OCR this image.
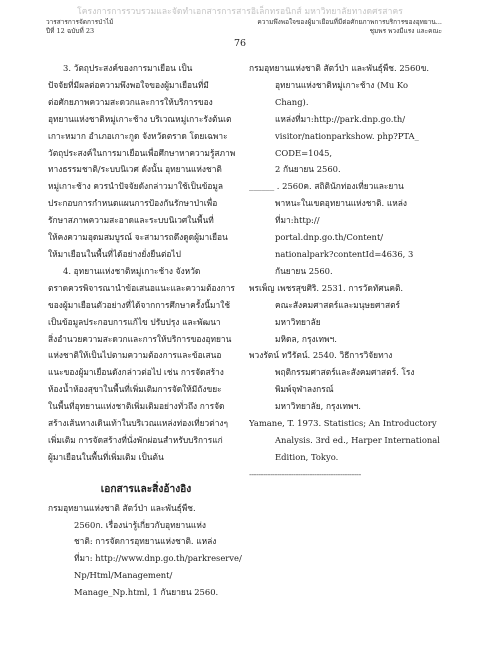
โครงการการรวบรวมและจัดทำเอกสารการสารอิเล็กทรอนิกส์ มหาวิทยาลัยทางดศรสาคร
วารสารการจัดการป่าไม้
ปีที่ 12 ฉบับที่ 23
ความพึงพอใจของผู้มาเยือนที่มีต่อศักยภาพการบริการของอุทยาน...
ชุมพร พวงมีแรง และคณะ
76
3. วัตถุประสงค์ของการมาเยือน เป็น
ปัจจัยที่มีผลต่อความพึงพอใจของผู้มาเยือนที่มี
ต่อศักยภาพความสะดวกและการให้บริการของ
อุทยานแห่งชาติหมู่เกาะช้าง บริเวณหมู่เกาะรังต้นเต
เกาะหมาก อำเภอเกาะกูด จังหวัดตราด โดยเฉพาะ
วัตถุประสงค์ในการมาเยือนเพื่อศึกษาหาความรู้สภาพ
ทางธรรมชาติ/ระบบนิเวศ ดังนั้น อุทยานแห่งชาติ
หมู่เกาะช้าง ควรนำปัจจัยดังกล่าวมาใช้เป็นข้อมูล
ประกอบการกำหนดแผนการป้องกันรักษาป่าเพื่อ
รักษาสภาพความสะอาดและระบบนิเวศในพื้นที่
ให้คงความอุดมสมบูรณ์ จะสามารถดึงดูดผู้มาเยือน
ให้มาเยือนในพื้นที่ได้อย่างยั่งยืนต่อไป
4. อุทยานแห่งชาติหมู่เกาะช้าง จังหวัด
ตราดควรพิจารณานำข้อเสนอแนะและความต้องการ
ของผู้มาเยือนตัวอย่างที่ได้จากการศึกษาครั้งนี้มาใช้
เป็นข้อมูลประกอบการแก้ไข ปรับปรุง และพัฒนา
สิ่งอำนวยความสะดวกและการให้บริการของอุทยาน
แห่งชาติให้เป็นไปตามความต้องการและข้อเสนอ
แนะของผู้มาเยือนดังกล่าวต่อไป เช่น การจัดสร้าง
ห้องน้ำห้องสุขาในพื้นที่เพิ่มเติมการจัดให้มีถังขยะ
ในพื้นที่อุทยานแห่งชาติเพิ่มเติมอย่างทั่วถึง การจัด
สร้างเส้นทางเดินเท้าในบริเวณแหล่งท่องเที่ยวต่างๆ
เพิ่มเติม การจัดสร้างที่นั่งพักผ่อนสำหรับบริการแก่
ผู้มาเยือนในพื้นที่เพิ่มเติม เป็นต้น
เอกสารและสิ่งอ้างอิง
กรมอุทยานแห่งชาติ สัตว์ป่า และพันธุ์พืช.
2560ก. เรื่องน่ารู้เกี่ยวกับอุทยานแห่ง
ชาติ: การจัดการอุทยานแห่งชาติ. แหล่ง
ที่มา: http://www.dnp.go.th/parkreserve/
Np/Html/Management/
Manage_Np.html, 1 กันยายน 2560.
กรมอุทยานแห่งชาติ สัตว์ป่า และพันธุ์พืช. 2560ข.
อุทยานแห่งชาติหมู่เกาะช้าง (Mu Ko
Chang).
แหล่งที่มา:http://park.dnp.go.th/
visitor/nationparkshow. php?PTA_
CODE=1045,
2 กันยายน 2560.
______ . 2560ค. สถิตินักท่องเที่ยวและยาน
พาหนะในเขตอุทยานแห่งชาติ. แหล่ง
ที่มา:http://
portal.dnp.go.th/Content/
nationalpark?contentId=4636, 3
กันยายน 2560.
พรเพ็ญ เพชรสุขศิริ. 2531. การวัดทัศนคติ.
คณะสังคมศาสตร์และมนุษยศาสตร์
มหาวิทยาลัย
มหิดล, กรุงเทพฯ.
พวงรัตน์ ทวีรัตน์. 2540. วิธีการวิจัยทาง
พฤติกรรมศาสตร์และสังคมศาสตร์. โรง
พิมพ์จุฬาลงกรณ์
มหาวิทยาลัย, กรุงเทพฯ.
Yamane, T. 1973. Statistics; An Introductory
Analysis. 3rd ed., Harper International
Edition, Tokyo.
------------------------------------------------
